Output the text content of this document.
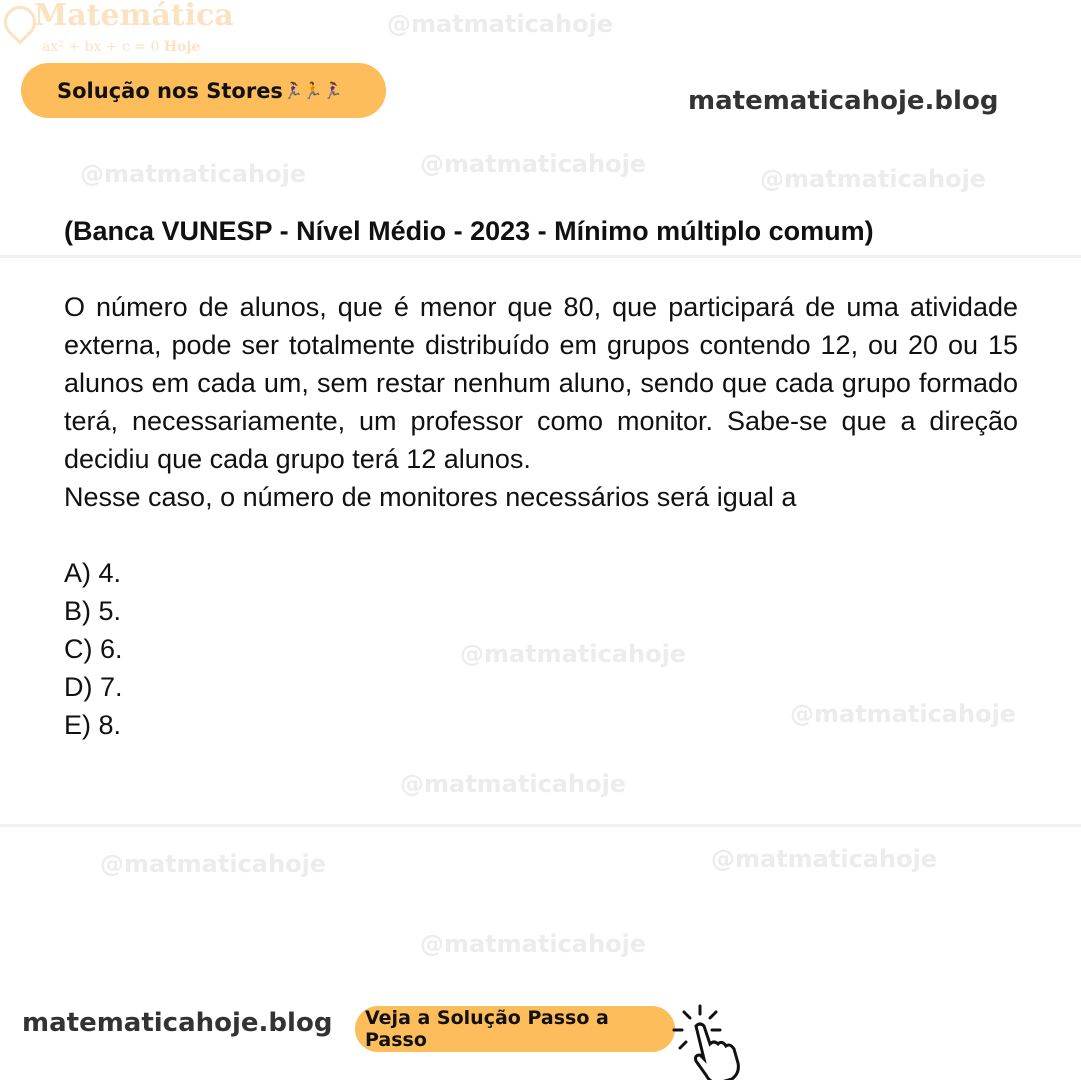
@matmaticahoje
@matmaticahoje
@matmaticahoje	@matmaticahoje
@matmaticahoje
@matmaticahoje
@matmaticahoje
@matmaticahoje	@matmaticahoje
@matmaticahoje
Matemática
ax² + bx + c = 0 Hoje
Solução nos Stores 🏃‍♀️🏃🏃‍♀️	matematicahoje.blog
(Banca VUNESP - Nível Médio - 2023 - Mínimo múltiplo comum)

O número de alunos, que é menor que 80, que participará de uma atividade externa, pode ser totalmente distribuído em grupos contendo 12, ou 20 ou 15 alunos em cada um, sem restar nenhum aluno, sendo que cada grupo formado terá, necessariamente, um professor como monitor. Sabe-se que a direção decidiu que cada grupo terá 12 alunos.

Nesse caso, o número de monitores necessários será igual a

A) 4.
B) 5.
C) 6.
D) 7.
E) 8.
matematicahoje.blog Veja a Solução Passo a Passo
